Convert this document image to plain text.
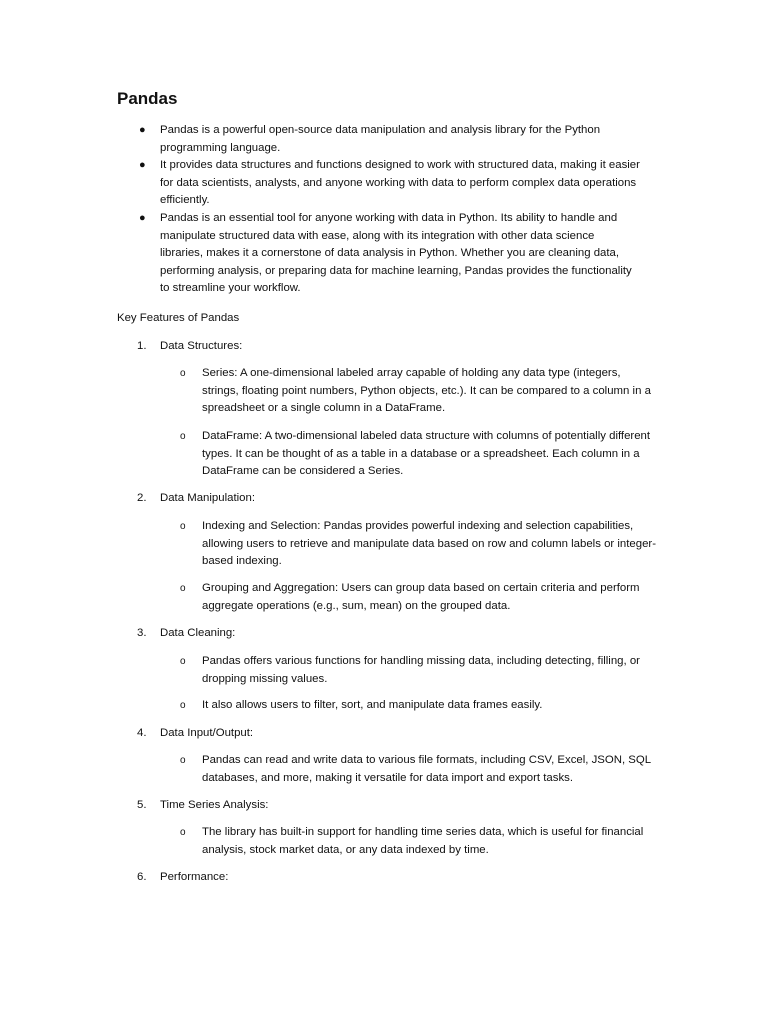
Pandas
● Pandas is a powerful open-source data manipulation and analysis library for the Python programming language.
● It provides data structures and functions designed to work with structured data, making it easier for data scientists, analysts, and anyone working with data to perform complex data operations efficiently.
● Pandas is an essential tool for anyone working with data in Python. Its ability to handle and manipulate structured data with ease, along with its integration with other data science libraries, makes it a cornerstone of data analysis in Python. Whether you are cleaning data, performing analysis, or preparing data for machine learning, Pandas provides the functionality to streamline your workflow.

Key Features of Pandas

1. Data Structures:
o Series: A one-dimensional labeled array capable of holding any data type (integers, strings, floating point numbers, Python objects, etc.). It can be compared to a column in a spreadsheet or a single column in a DataFrame.
o DataFrame: A two-dimensional labeled data structure with columns of potentially different types. It can be thought of as a table in a database or a spreadsheet. Each column in a DataFrame can be considered a Series.
2. Data Manipulation:
o Indexing and Selection: Pandas provides powerful indexing and selection capabilities, allowing users to retrieve and manipulate data based on row and column labels or integer-based indexing.
o Grouping and Aggregation: Users can group data based on certain criteria and perform aggregate operations (e.g., sum, mean) on the grouped data.
3. Data Cleaning:
o Pandas offers various functions for handling missing data, including detecting, filling, or dropping missing values.
o It also allows users to filter, sort, and manipulate data frames easily.
4. Data Input/Output:
o Pandas can read and write data to various file formats, including CSV, Excel, JSON, SQL databases, and more, making it versatile for data import and export tasks.
5. Time Series Analysis:
o The library has built-in support for handling time series data, which is useful for financial analysis, stock market data, or any data indexed by time.
6. Performance:
